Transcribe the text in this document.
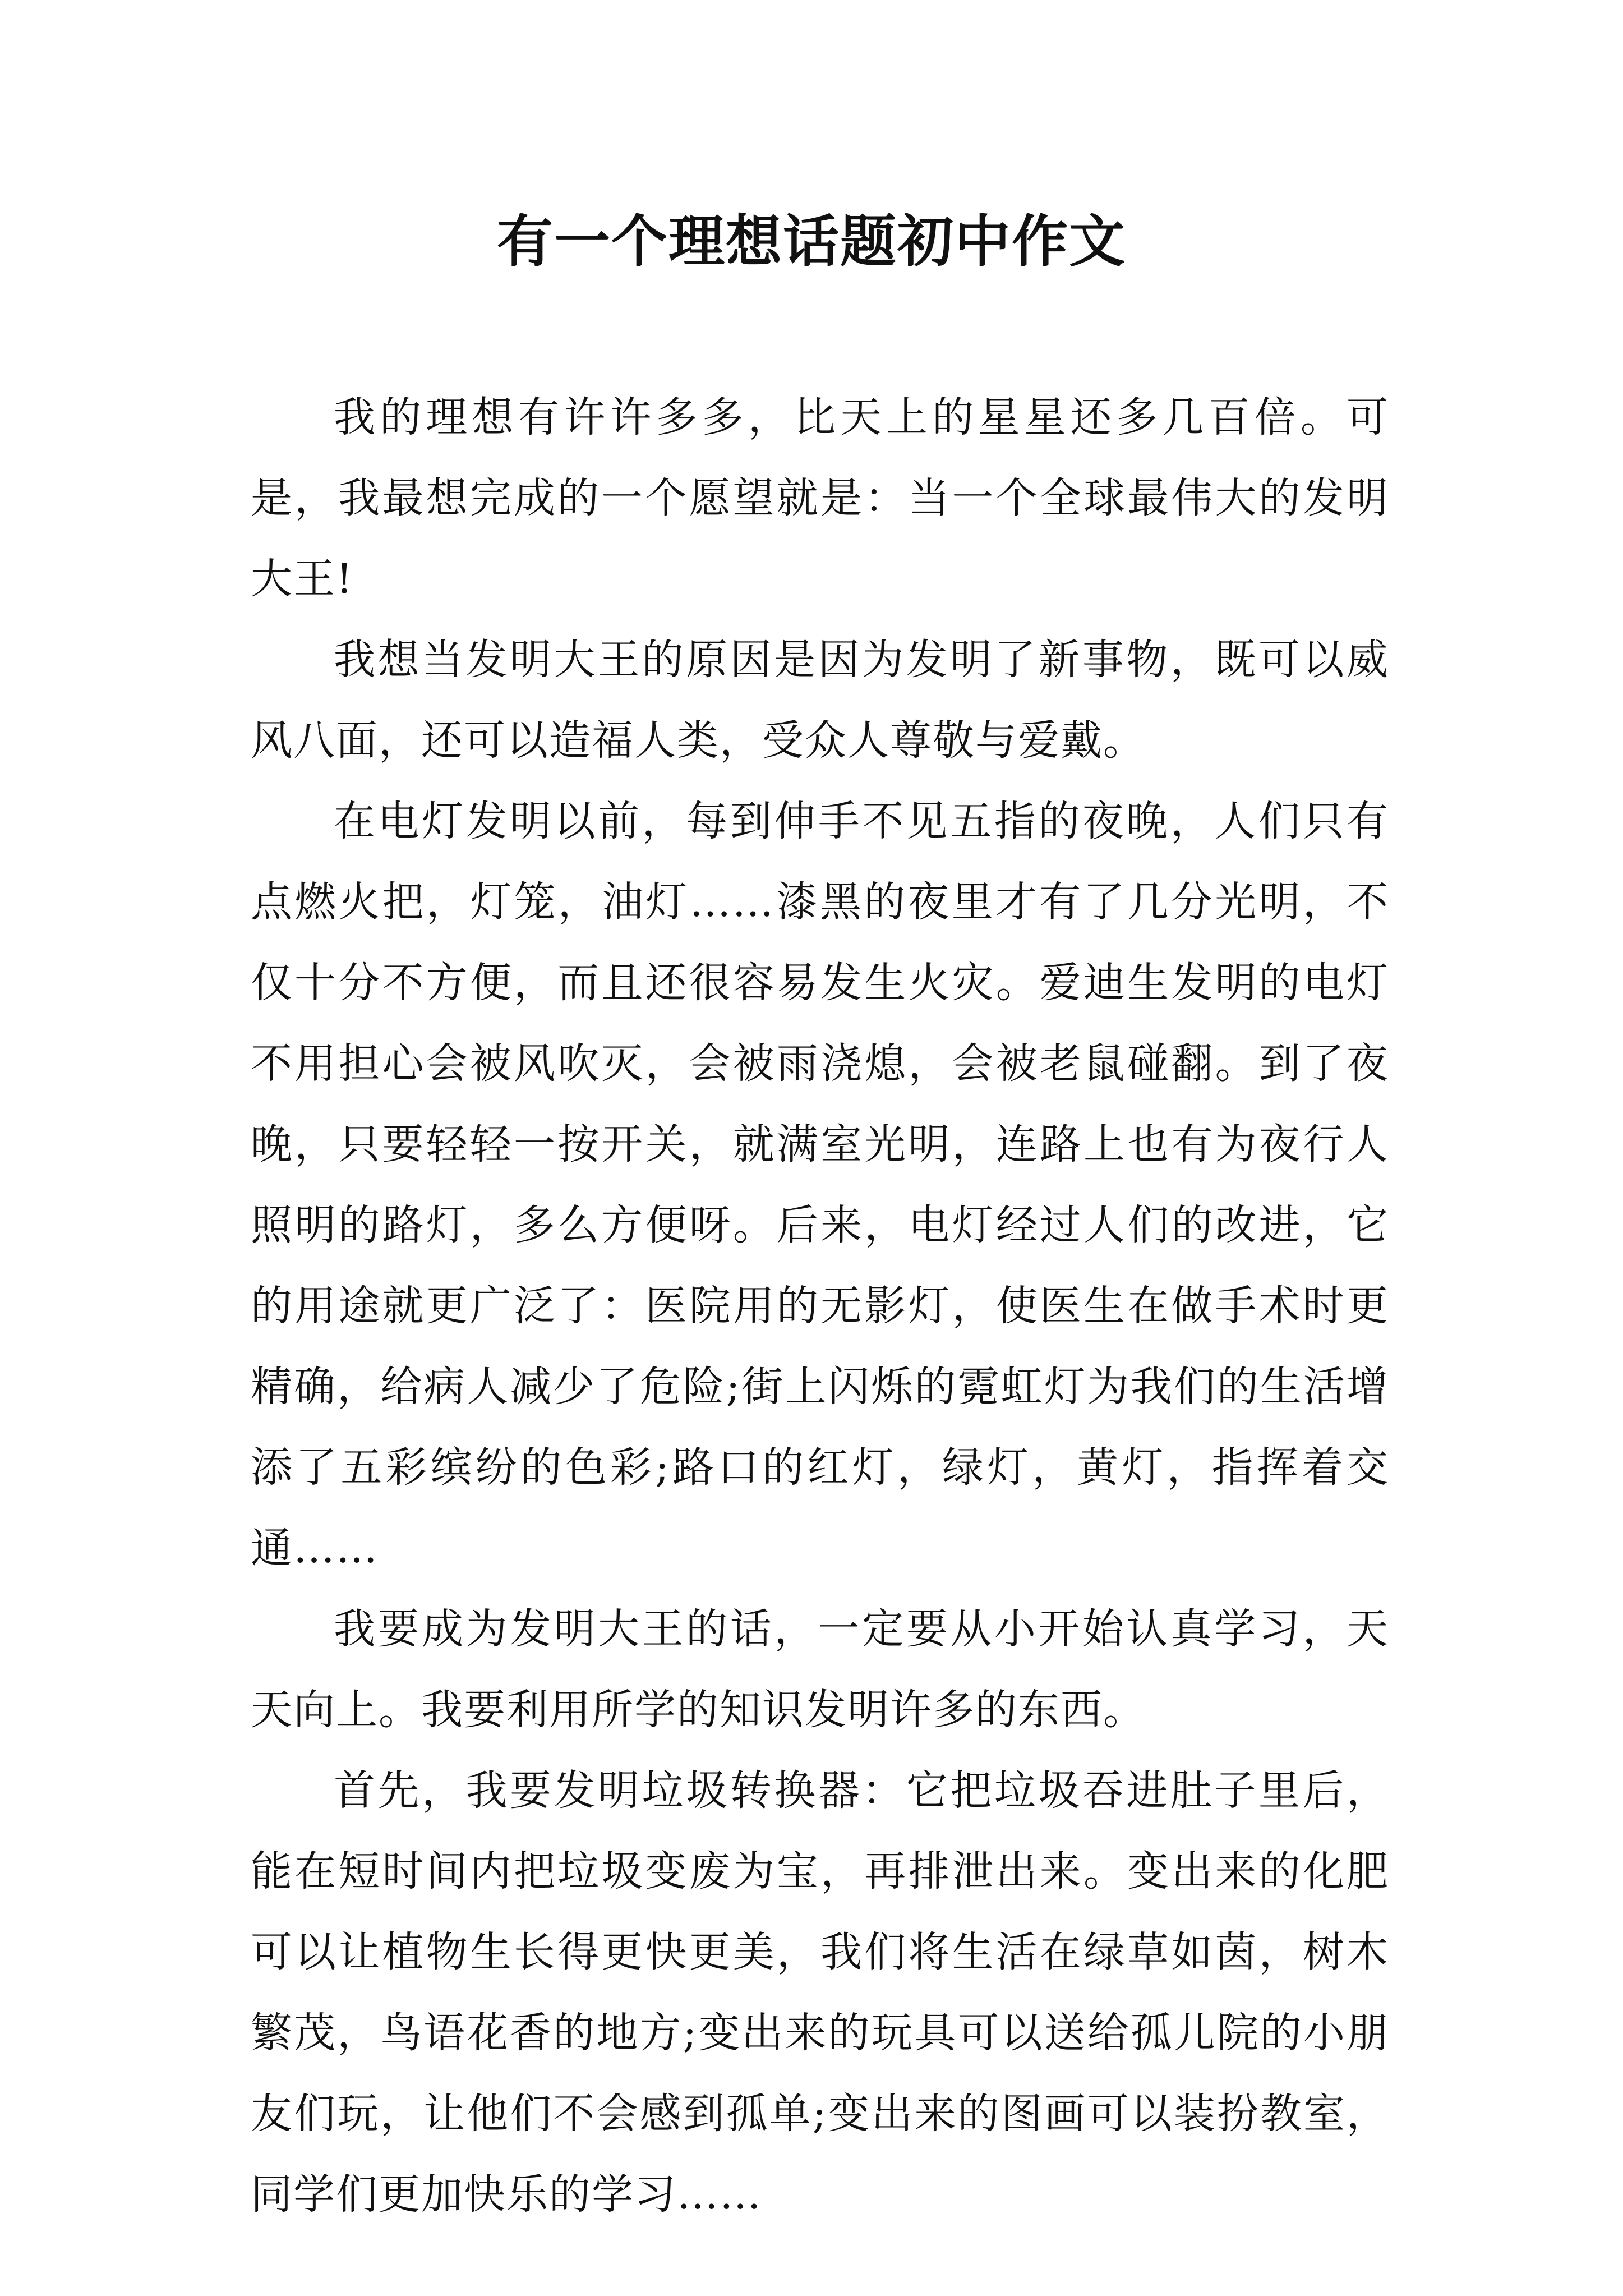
有一个理想话题初中作文

我的理想有许许多多，比天上的星星还多几百倍。可是，我最想完成的一个愿望就是：当一个全球最伟大的发明大王!

我想当发明大王的原因是因为发明了新事物，既可以威风八面，还可以造福人类，受众人尊敬与爱戴。

在电灯发明以前，每到伸手不见五指的夜晚，人们只有点燃火把，灯笼，油灯……漆黑的夜里才有了几分光明，不仅十分不方便，而且还很容易发生火灾。爱迪生发明的电灯不用担心会被风吹灭，会被雨浇熄，会被老鼠碰翻。到了夜晚，只要轻轻一按开关，就满室光明，连路上也有为夜行人照明的路灯，多么方便呀。后来，电灯经过人们的改进，它的用途就更广泛了：医院用的无影灯，使医生在做手术时更精确，给病人减少了危险;街上闪烁的霓虹灯为我们的生活增添了五彩缤纷的色彩;路口的红灯，绿灯，黄灯，指挥着交通……

我要成为发明大王的话，一定要从小开始认真学习，天天向上。我要利用所学的知识发明许多的东西。

首先，我要发明垃圾转换器：它把垃圾吞进肚子里后，能在短时间内把垃圾变废为宝，再排泄出来。变出来的化肥可以让植物生长得更快更美，我们将生活在绿草如茵，树木繁茂，鸟语花香的地方;变出来的玩具可以送给孤儿院的小朋友们玩，让他们不会感到孤单;变出来的图画可以装扮教室，同学们更加快乐的学习……
